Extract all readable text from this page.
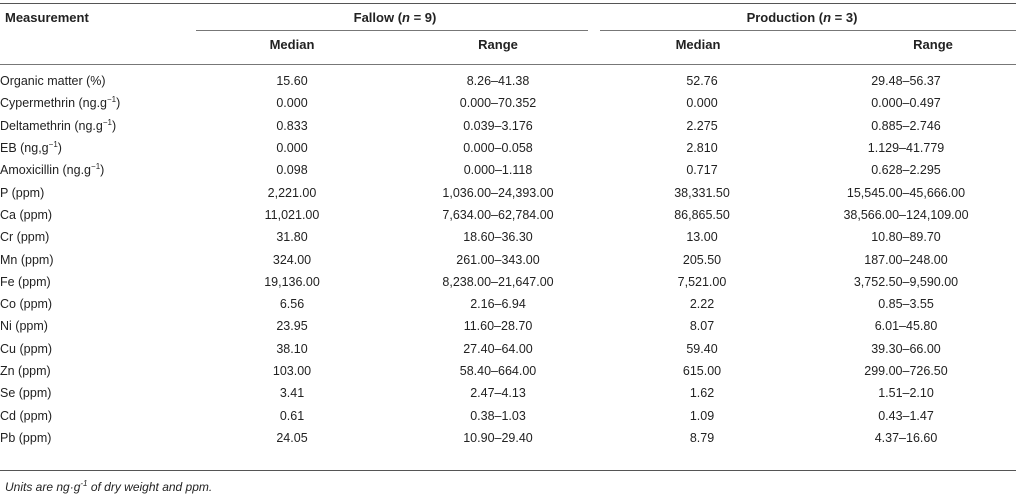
Measurement	Fallow (n = 9)	Production (n = 3)
Median	Range	Median	Range
Organic matter (%)	15.60	8.26–41.38	52.76	29.48–56.37
Cypermethrin $(ng.g^{-1})$	0.000	0.000–70.352	0.000	0.000–0.497
Deltamethrin $(ng.g^{-1})$	0.833	0.039–3.176	2.275	0.885–2.746
EB $(ng,g^{-1})$	0.000	0.000–0.058	2.810	1.129–41.779
Amoxicillin $(ng.g^{-1})$	0.098	0.000–1.118	0.717	0.628–2.295
P (ppm)	2,221.00	1,036.00–24,393.00	38,331.50	15,545.00–45,666.00
Ca (ppm)	11,021.00	7,634.00–62,784.00	86,865.50	38,566.00–124,109.00
Cr (ppm)	31.80	18.60–36.30	13.00	10.80–89.70
Mn (ppm)	324.00	261.00–343.00	205.50	187.00–248.00
Fe (ppm)	19,136.00	8,238.00–21,647.00	7,521.00	3,752.50–9,590.00
Co (ppm)	6.56	2.16–6.94	2.22	0.85–3.55
Ni (ppm)	23.95	11.60–28.70	8.07	6.01–45.80
Cu (ppm)	38.10	27.40–64.00	59.40	39.30–66.00
Zn (ppm)	103.00	58.40–664.00	615.00	299.00–726.50
Se (ppm)	3.41	2.47–4.13	1.62	1.51–2.10
Cd (ppm)	0.61	0.38–1.03	1.09	0.43–1.47
Pb (ppm)	24.05	10.90–29.40	8.79	4.37–16.60
Units are $ng\cdot g^{-1}$ of dry weight and ppm.
